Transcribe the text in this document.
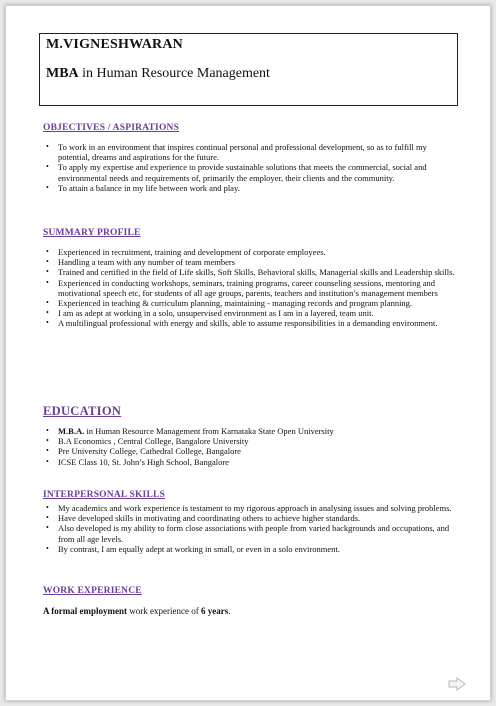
M.VIGNESHWARAN
MBA in Human Resource Management
OBJECTIVES / ASPIRATIONS
• To work in an environment that inspires continual personal and professional development, so as to fulfill my potential, dreams and aspirations for the future.
• To apply my expertise and experience to provide sustainable solutions that meets the commercial, social and environmental needs and requirements of, primarily the employer, their clients and the community.
• To attain a balance in my life between work and play.
SUMMARY PROFILE
• Experienced in recruitment, training and development of corporate employees.
• Handling a team with any number of team members
• Trained and certified in the field of Life skills, Soft Skills, Behavioral skills, Managerial skills and Leadership skills.
• Experienced in conducting workshops, seminars, training programs, career counseling sessions, mentoring and motivational speech etc, for students of all age groups, parents, teachers and institution’s management members
• Experienced in teaching & curriculum planning, maintaining - managing records and program planning.
• I am as adept at working in a solo, unsupervised environment as I am in a layered, team unit.
• A multilingual professional with energy and skills, able to assume responsibilities in a demanding environment.
EDUCATION
• M.B.A. in Human Resource Management from Karnataka State Open University
• B.A Economics , Central College, Bangalore University
• Pre University College, Cathedral College, Bangalore
• ICSE Class 10, St. John’s High School, Bangalore
INTERPERSONAL SKILLS
• My academics and work experience is testament to my rigorous approach in analysing issues and solving problems.
• Have developed skills in motivating and coordinating others to achieve higher standards.
• Also developed is my ability to form close associations with people from varied backgrounds and occupations, and from all age levels.
• By contrast, I am equally adept at working in small, or even in a solo environment.
WORK EXPERIENCE
A formal employment work experience of 6 years.
